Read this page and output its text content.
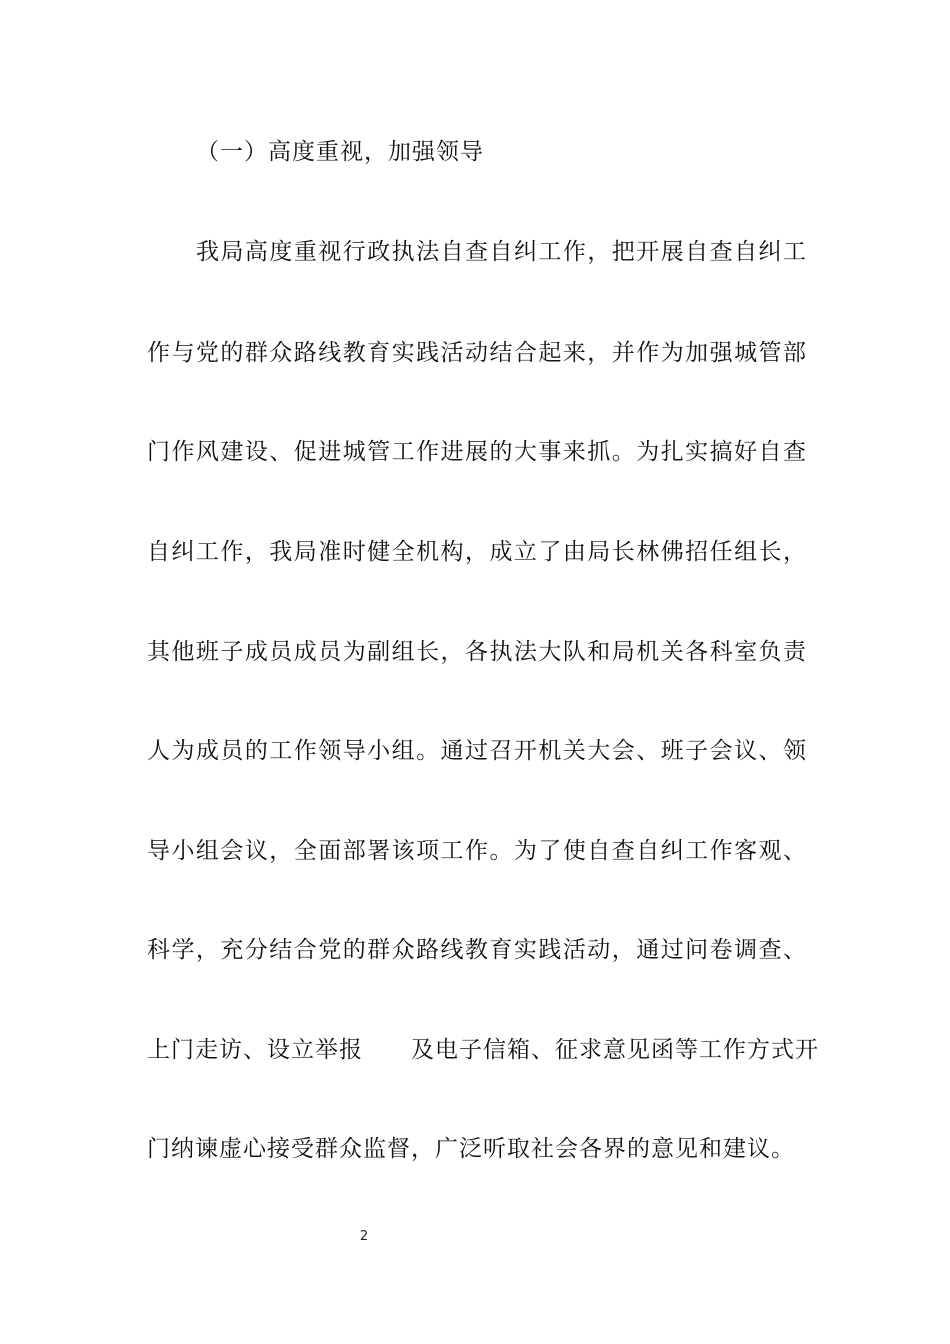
（一）高度重视，加强领导
我局高度重视行政执法自查自纠工作，把开展自查自纠工
作与党的群众路线教育实践活动结合起来，并作为加强城管部
门作风建设、促进城管工作进展的大事来抓。为扎实搞好自查
自纠工作，我局准时健全机构，成立了由局长林佛招任组长，
其他班子成员成员为副组长，各执法大队和局机关各科室负责
人为成员的工作领导小组。通过召开机关大会、班子会议、领
导小组会议，全面部署该项工作。为了使自查自纠工作客观、
科学，充分结合党的群众路线教育实践活动，通过问卷调查、
上门走访、设立举报　　及电子信箱、征求意见函等工作方式开
门纳谏虚心接受群众监督，广泛听取社会各界的意见和建议。
2
